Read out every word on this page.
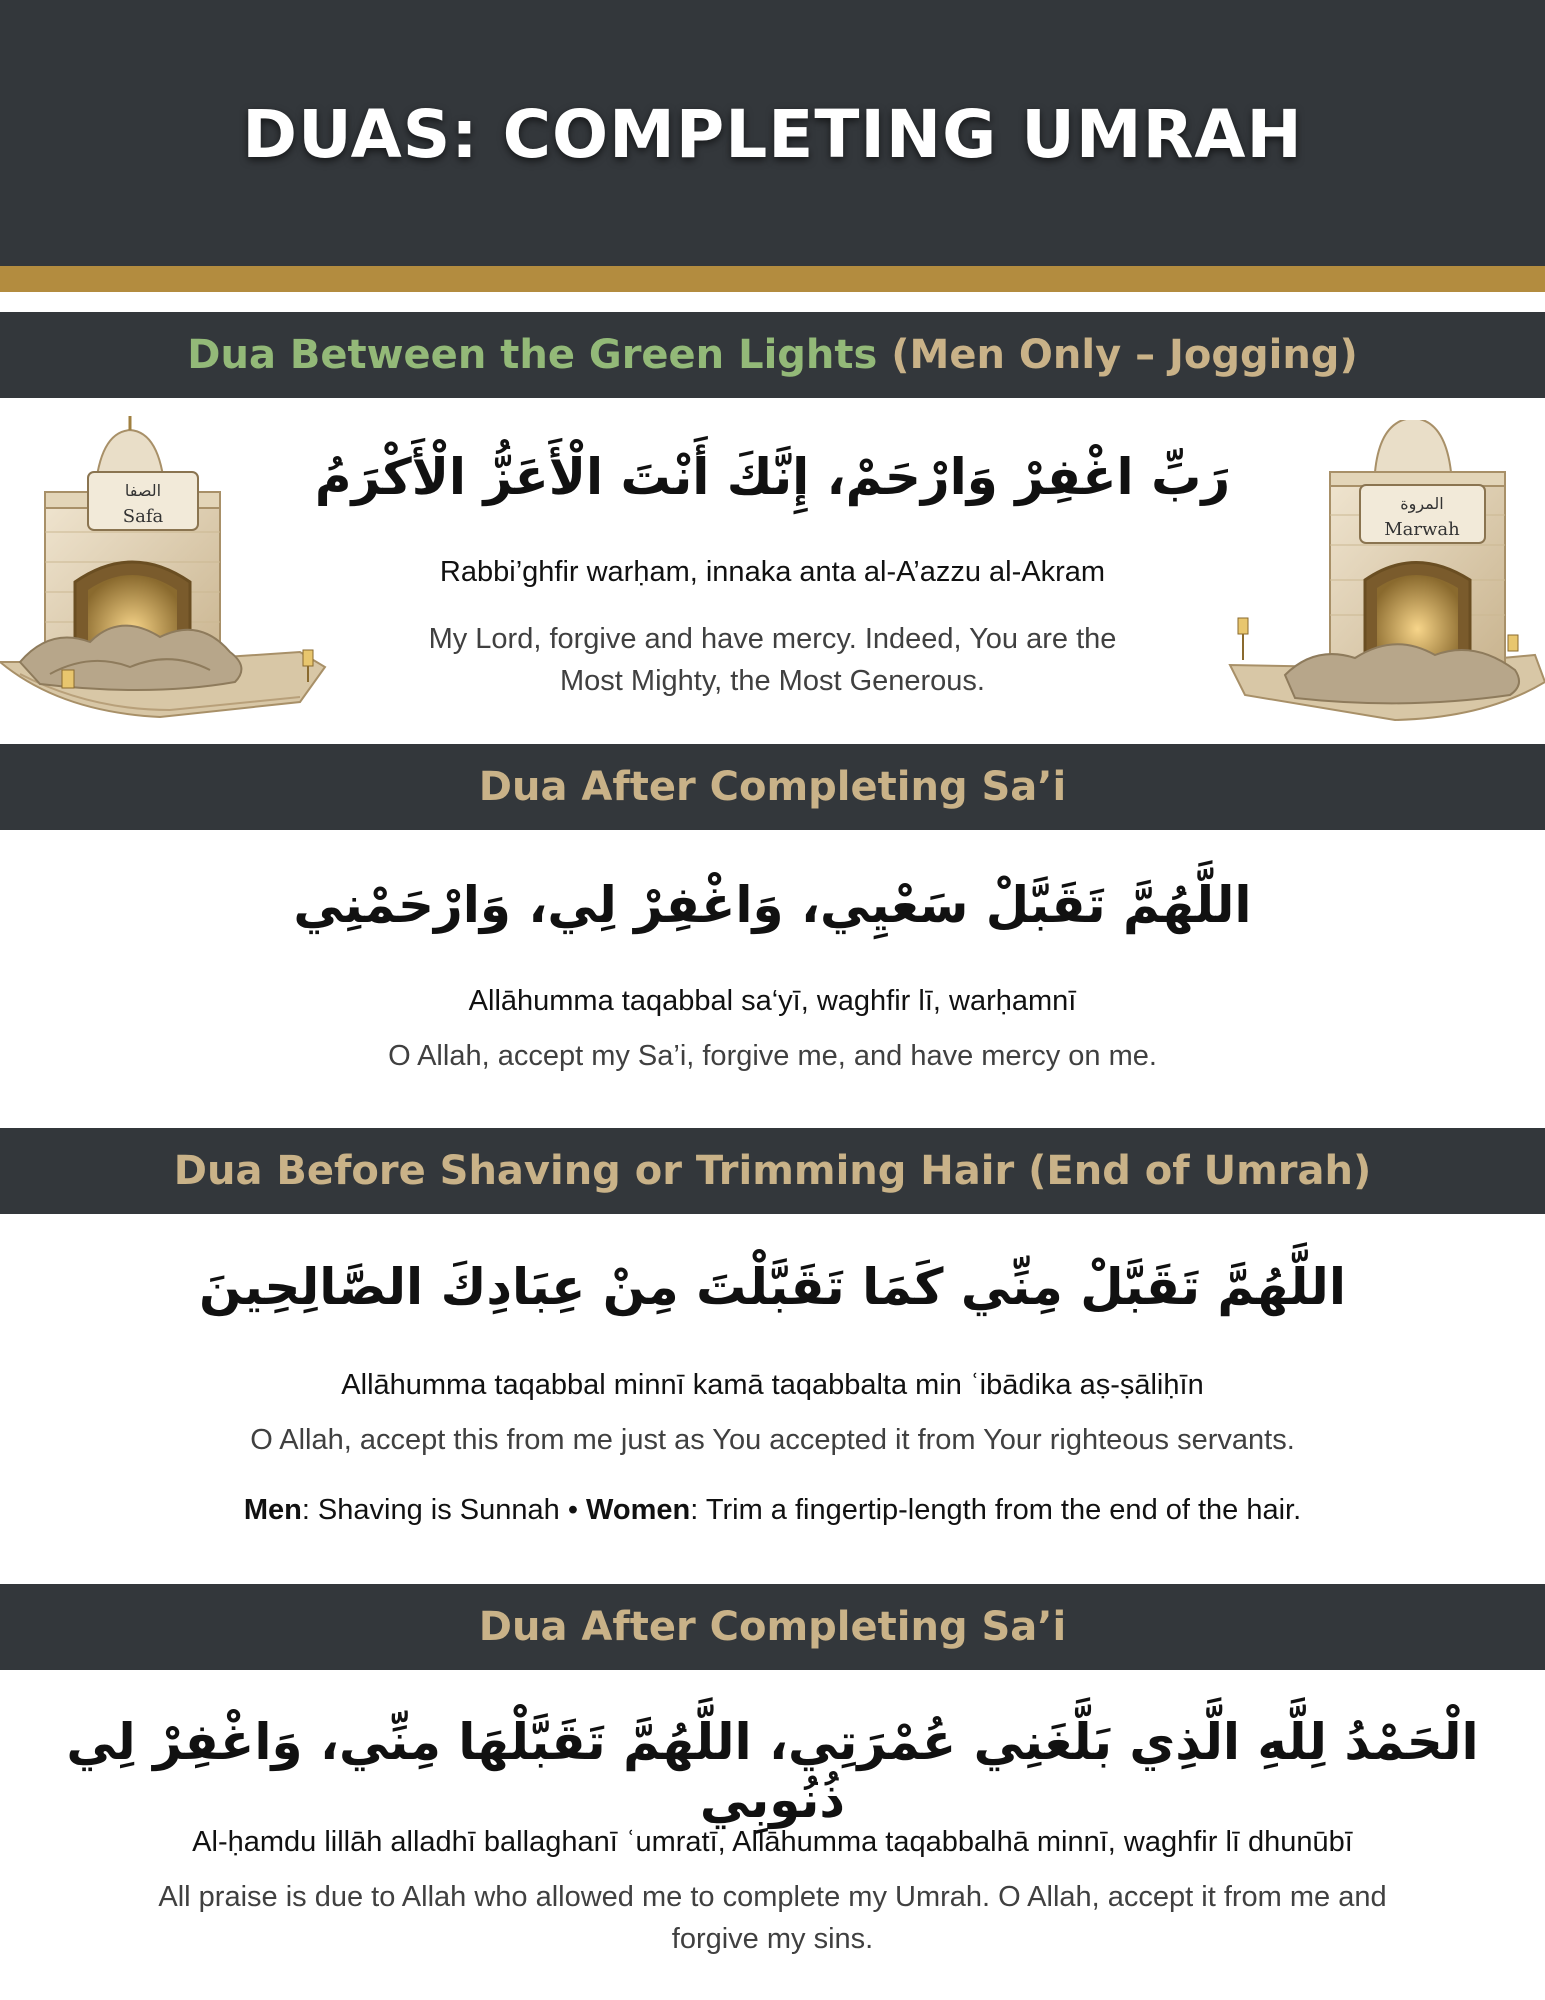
DUAS: COMPLETING UMRAH
Dua Between the Green Lights (Men Only – Jogging)
الصفا
Safa
المروة
Marwah
رَبِّ اغْفِرْ وَارْحَمْ، إِنَّكَ أَنْتَ الْأَعَزُّ الْأَكْرَمُ
Rabbi’ghfir warḥam, innaka anta al-A’azzu al-Akram
My Lord, forgive and have mercy. Indeed, You are the
Most Mighty, the Most Generous.
Dua After Completing Sa’i
اللَّهُمَّ تَقَبَّلْ سَعْيِي، وَاغْفِرْ لِي، وَارْحَمْنِي
Allāhumma taqabbal sa‘yī, waghfir lī, warḥamnī
O Allah, accept my Sa’i, forgive me, and have mercy on me.
Dua Before Shaving or Trimming Hair (End of Umrah)
اللَّهُمَّ تَقَبَّلْ مِنِّي كَمَا تَقَبَّلْتَ مِنْ عِبَادِكَ الصَّالِحِينَ
Allāhumma taqabbal minnī kamā taqabbalta min ʿibādika aṣ-ṣāliḥīn
O Allah, accept this from me just as You accepted it from Your righteous servants.
Men: Shaving is Sunnah • Women: Trim a fingertip-length from the end of the hair.
Dua After Completing Sa’i
الْحَمْدُ لِلَّهِ الَّذِي بَلَّغَنِي عُمْرَتِي، اللَّهُمَّ تَقَبَّلْهَا مِنِّي، وَاغْفِرْ لِي ذُنُوبِي
Al-ḥamdu lillāh alladhī ballaghanī ʿumratī, Allāhumma taqabbalhā minnī, waghfir lī dhunūbī
All praise is due to Allah who allowed me to complete my Umrah. O Allah, accept it from me and
forgive my sins.
